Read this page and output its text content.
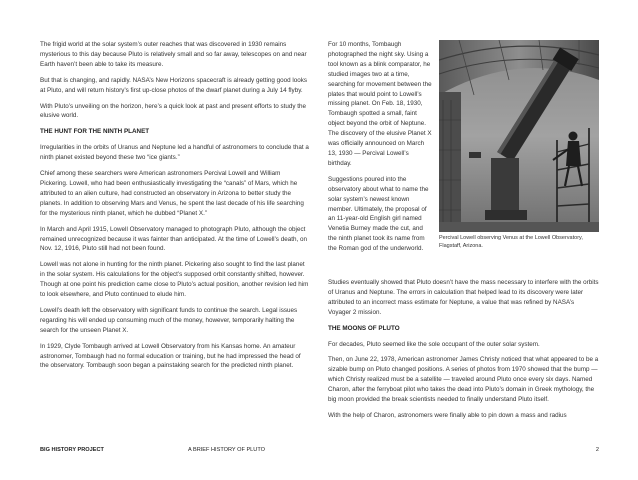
The frigid world at the solar system’s outer reaches that was discovered in 1930 remains mysterious to this day because Pluto is relatively small and so far away, telescopes on and near Earth haven’t been able to take its measure.

But that is changing, and rapidly. NASA’s New Horizons spacecraft is already getting good looks at Pluto, and will return history’s first up-close photos of the dwarf planet during a July 14 flyby.

With Pluto’s unveiling on the horizon, here’s a quick look at past and present efforts to study the elusive world.

THE HUNT FOR THE NINTH PLANET

Irregularities in the orbits of Uranus and Neptune led a handful of astronomers to conclude that a ninth planet existed beyond these two “ice giants.”

Chief among these searchers were American astronomers Percival Lowell and William Pickering. Lowell, who had been enthusiastically investigating the “canals” of Mars, which he attributed to an alien culture, had constructed an observatory in Arizona to better study the planets. In addition to observing Mars and Venus, he spent the last decade of his life searching for the mysterious ninth planet, which he dubbed “Planet X.”

In March and April 1915, Lowell Observatory managed to photograph Pluto, although the object remained unrecognized because it was fainter than anticipated. At the time of Lowell’s death, on Nov. 12, 1916, Pluto still had not been found.

Lowell was not alone in hunting for the ninth planet. Pickering also sought to find the last planet in the solar system. His calculations for the object’s supposed orbit constantly shifted, however. Though at one point his prediction came close to Pluto’s actual position, another revision led him to look elsewhere, and Pluto continued to elude him.

Lowell’s death left the observatory with significant funds to continue the search. Legal issues regarding his will ended up consuming much of the money, however, temporarily halting the search for the unseen Planet X.

In 1929, Clyde Tombaugh arrived at Lowell Observatory from his Kansas home. An amateur astronomer, Tombaugh had no formal education or training, but he had impressed the head of the observatory. Tombaugh soon began a painstaking search for the predicted ninth planet.

For 10 months, Tombaugh photographed the night sky. Using a tool known as a blink comparator, he studied images two at a time, searching for movement between the plates that would point to Lowell’s missing planet. On Feb. 18, 1930, Tombaugh spotted a small, faint object beyond the orbit of Neptune. The discovery of the elusive Planet X was officially announced on March 13, 1930 — Percival Lowell’s birthday.

Suggestions poured into the observatory about what to name the solar system’s newest known member. Ultimately, the proposal of an 11-year-old English girl named Venetia Burney made the cut, and the ninth planet took its name from the Roman god of the underworld.

Percival Lowell observing Venus at the Lowell Observatory, Flagstaff, Arizona.

Studies eventually showed that Pluto doesn’t have the mass necessary to interfere with the orbits of Uranus and Neptune. The errors in calculation that helped lead to its discovery were later attributed to an incorrect mass estimate for Neptune, a value that was refined by NASA’s Voyager 2 mission.

THE MOONS OF PLUTO

For decades, Pluto seemed like the sole occupant of the outer solar system.

Then, on June 22, 1978, American astronomer James Christy noticed that what appeared to be a sizable bump on Pluto changed positions. A series of photos from 1970 showed that the bump — which Christy realized must be a satellite — traveled around Pluto once every six days. Named Charon, after the ferryboat pilot who takes the dead into Pluto’s domain in Greek mythology, the big moon provided the break scientists needed to finally understand Pluto itself.

With the help of Charon, astronomers were finally able to pin down a mass and radius

BIG HISTORY PROJECT	A BRIEF HISTORY OF PLUTO	2
